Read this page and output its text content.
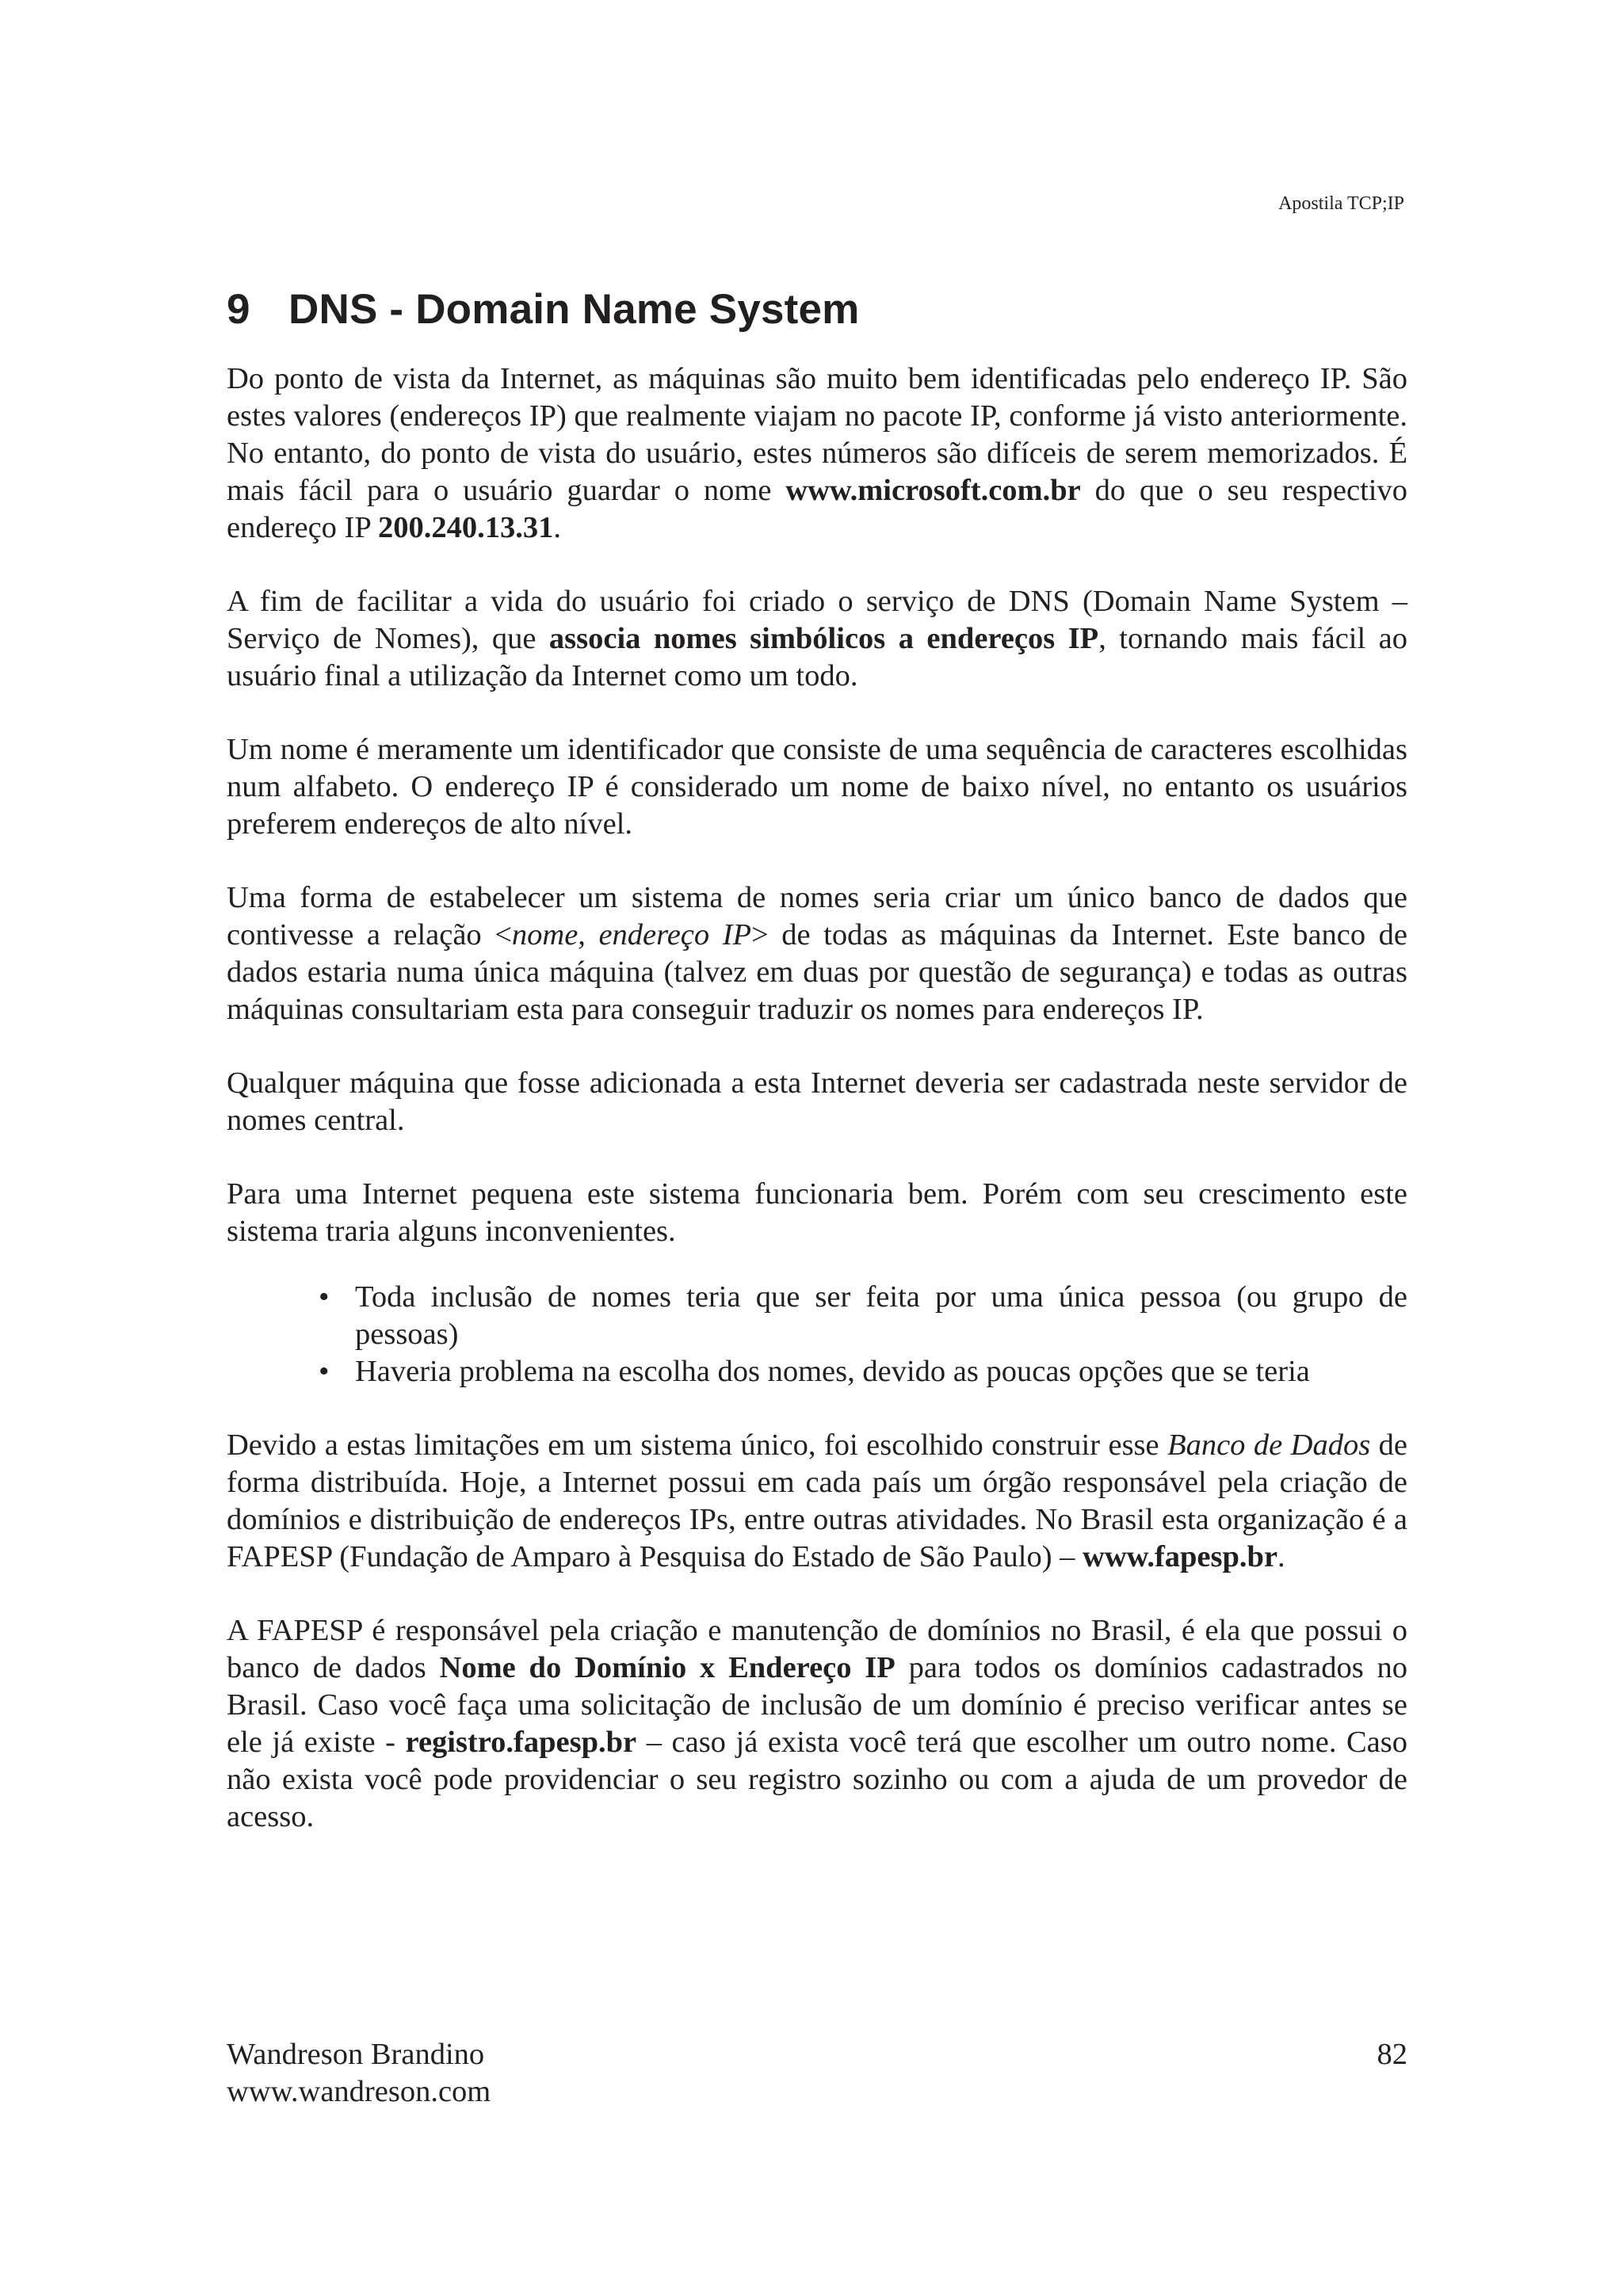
Apostila TCP;IP
9 DNS - Domain Name System

Do ponto de vista da Internet, as máquinas são muito bem identificadas pelo endereço IP. São estes valores (endereços IP) que realmente viajam no pacote IP, conforme já visto anteriormente. No entanto, do ponto de vista do usuário, estes números são difíceis de serem memorizados. É mais fácil para o usuário guardar o nome www.microsoft.com.br do que o seu respectivo endereço IP 200.240.13.31.

A fim de facilitar a vida do usuário foi criado o serviço de DNS (Domain Name System – Serviço de Nomes), que associa nomes simbólicos a endereços IP, tornando mais fácil ao usuário final a utilização da Internet como um todo.

Um nome é meramente um identificador que consiste de uma sequência de caracteres escolhidas num alfabeto. O endereço IP é considerado um nome de baixo nível, no entanto os usuários preferem endereços de alto nível.

Uma forma de estabelecer um sistema de nomes seria criar um único banco de dados que contivesse a relação <nome, endereço IP> de todas as máquinas da Internet. Este banco de dados estaria numa única máquina (talvez em duas por questão de segurança) e todas as outras máquinas consultariam esta para conseguir traduzir os nomes para endereços IP.

Qualquer máquina que fosse adicionada a esta Internet deveria ser cadastrada neste servidor de nomes central.

Para uma Internet pequena este sistema funcionaria bem. Porém com seu crescimento este sistema traria alguns inconvenientes.

• Toda inclusão de nomes teria que ser feita por uma única pessoa (ou grupo de pessoas)
• Haveria problema na escolha dos nomes, devido as poucas opções que se teria

Devido a estas limitações em um sistema único, foi escolhido construir esse Banco de Dados de forma distribuída. Hoje, a Internet possui em cada país um órgão responsável pela criação de domínios e distribuição de endereços IPs, entre outras atividades. No Brasil esta organização é a FAPESP (Fundação de Amparo à Pesquisa do Estado de São Paulo) – www.fapesp.br.

A FAPESP é responsável pela criação e manutenção de domínios no Brasil, é ela que possui o banco de dados Nome do Domínio x Endereço IP para todos os domínios cadastrados no Brasil. Caso você faça uma solicitação de inclusão de um domínio é preciso verificar antes se ele já existe - registro.fapesp.br – caso já exista você terá que escolher um outro nome. Caso não exista você pode providenciar o seu registro sozinho ou com a ajuda de um provedor de acesso.

Wandreson Brandino
www.wandreson.com
82
